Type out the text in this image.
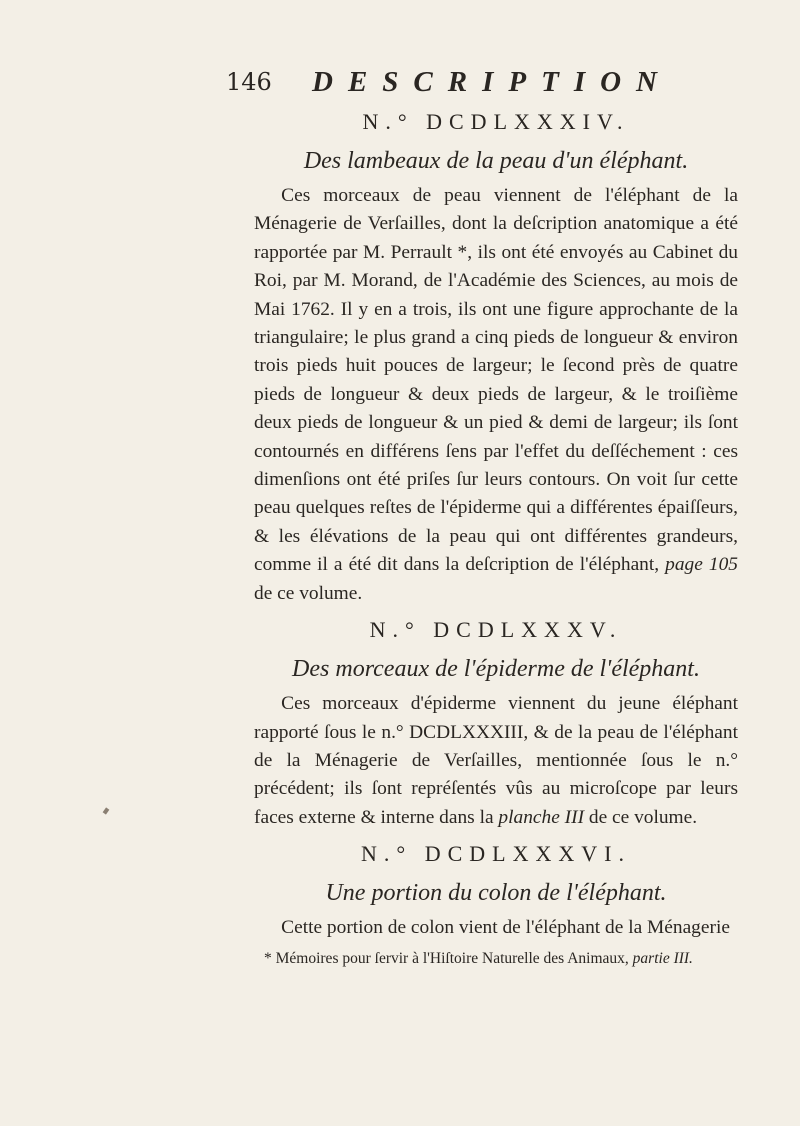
146 DESCRIPTION

N.° DCDLXXXIV.

Des lambeaux de la peau d'un éléphant.

Ces morceaux de peau viennent de l'éléphant de la Ménagerie de Verſailles, dont la deſcription anatomique a été rapportée par M. Perrault *, ils ont été envoyés au Cabinet du Roi, par M. Morand, de l'Académie des Sciences, au mois de Mai 1762. Il y en a trois, ils ont une figure approchante de la triangulaire; le plus grand a cinq pieds de longueur & environ trois pieds huit pouces de largeur; le ſecond près de quatre pieds de longueur & deux pieds de largeur, & le troiſième deux pieds de longueur & un pied & demi de largeur; ils ſont contournés en différens ſens par l'effet du deſſéchement : ces dimenſions ont été priſes ſur leurs contours. On voit ſur cette peau quelques reſtes de l'épiderme qui a différentes épaiſſeurs, & les élévations de la peau qui ont différentes grandeurs, comme il a été dit dans la deſcription de l'éléphant, page 105 de ce volume.

N.° DCDLXXXV.

Des morceaux de l'épiderme de l'éléphant.

Ces morceaux d'épiderme viennent du jeune éléphant rapporté ſous le n.° DCDLXXXIII, & de la peau de l'éléphant de la Ménagerie de Verſailles, mentionnée ſous le n.° précédent; ils ſont repréſentés vûs au microſcope par leurs faces externe & interne dans la planche III de ce volume.

N.° DCDLXXXVI.

Une portion du colon de l'éléphant.

Cette portion de colon vient de l'éléphant de la Ménagerie

* Mémoires pour ſervir à l'Hiſtoire Naturelle des Animaux, partie III.
